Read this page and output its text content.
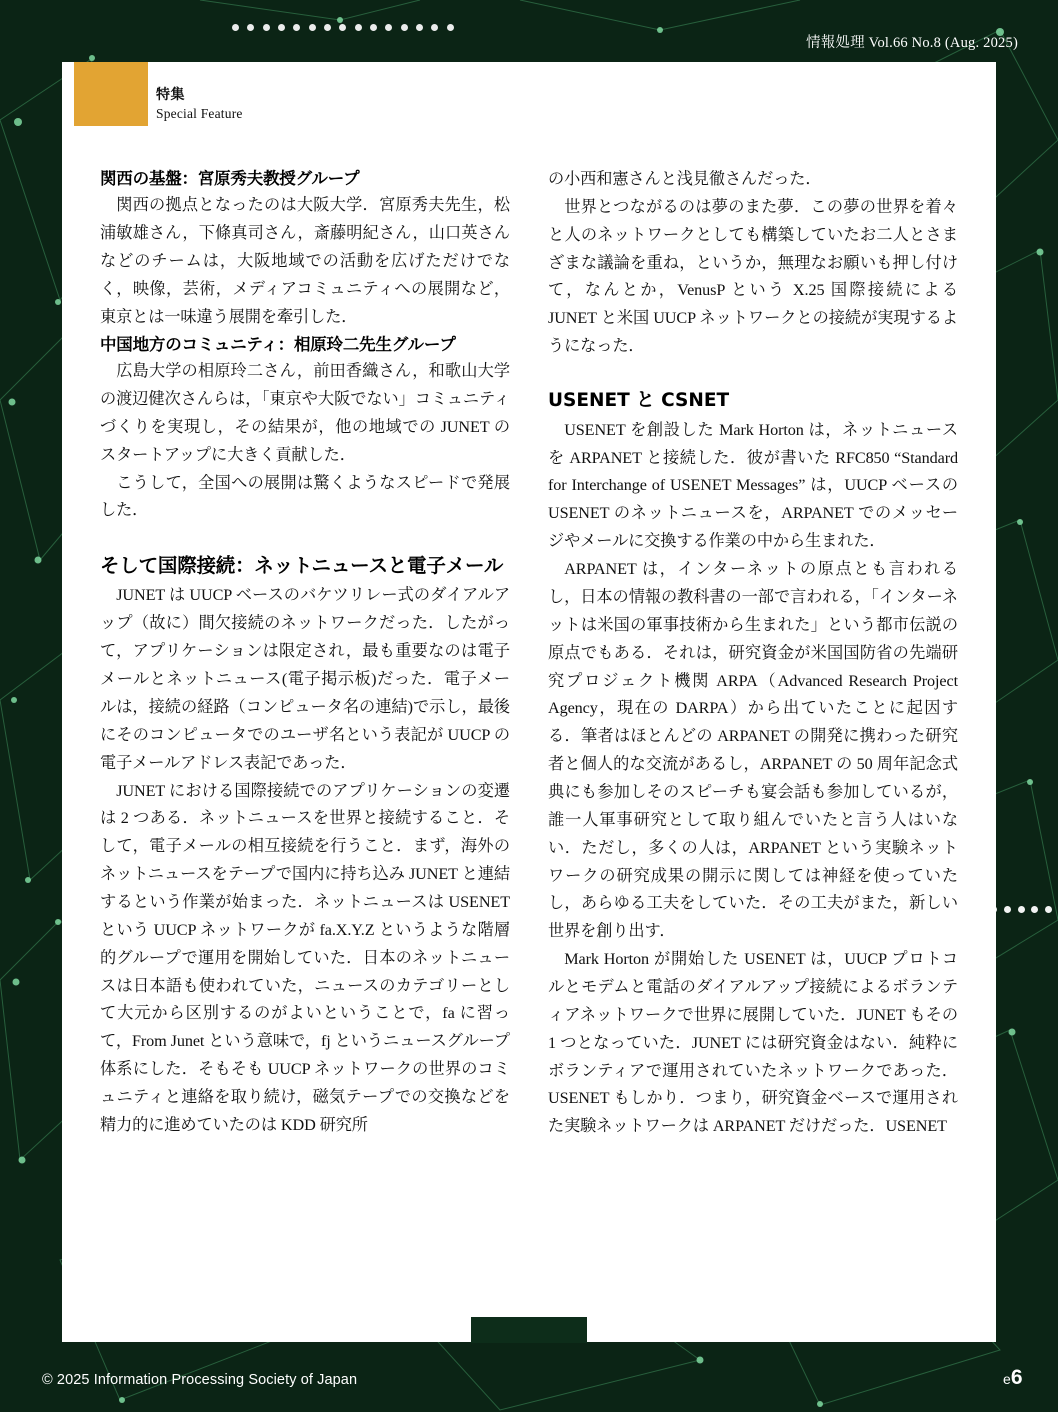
情報処理 Vol.66 No.8 (Aug. 2025)
特集
Special Feature
関西の基盤：宮原秀夫教授グループ

関西の拠点となったのは大阪大学．宮原秀夫先生，松浦敏雄さん，下條真司さん，斎藤明紀さん，山口英さんなどのチームは，大阪地域での活動を広げただけでなく，映像，芸術，メディアコミュニティへの展開など，東京とは一味違う展開を牽引した．

中国地方のコミュニティ：相原玲二先生グループ

広島大学の相原玲二さん，前田香織さん，和歌山大学の渡辺健次さんらは，「東京や大阪でない」コミュニティづくりを実現し，その結果が，他の地域での JUNET のスタートアップに大きく貢献した．

こうして，全国への展開は驚くようなスピードで発展した．

そして国際接続：ネットニュースと電子メール

JUNET は UUCP ベースのバケツリレー式のダイアルアップ（故に）間欠接続のネットワークだった．したがって，アプリケーションは限定され，最も重要なのは電子メールとネットニュース(電子掲示板)だった．電子メールは，接続の経路（コンピュータ名の連結)で示し，最後にそのコンピュータでのユーザ名という表記が UUCP の電子メールアドレス表記であった．

JUNET における国際接続でのアプリケーションの変遷は 2 つある．ネットニュースを世界と接続すること．そして，電子メールの相互接続を行うこと．まず，海外のネットニュースをテープで国内に持ち込み JUNET と連結するという作業が始まった．ネットニュースは USENET という UUCP ネットワークが fa.X.Y.Z というような階層的グループで運用を開始していた．日本のネットニュースは日本語も使われていた，ニュースのカテゴリーとして大元から区別するのがよいということで，fa に習って，From Junet という意味で，fj というニュースグループ体系にした．そもそも UUCP ネットワークの世界のコミュニティと連絡を取り続け，磁気テープでの交換などを精力的に進めていたのは KDD 研究所

の小西和憲さんと浅見徹さんだった．

世界とつながるのは夢のまた夢．この夢の世界を着々と人のネットワークとしても構築していたお二人とさまざまな議論を重ね，というか，無理なお願いも押し付けて，なんとか，VenusP という X.25 国際接続による JUNET と米国 UUCP ネットワークとの接続が実現するようになった．

USENET と CSNET

USENET を創設した Mark Horton は，ネットニュースを ARPANET と接続した．彼が書いた RFC850 “Standard for Interchange of USENET Messages” は，UUCP ベースの USENET のネットニュースを，ARPANET でのメッセージやメールに交換する作業の中から生まれた．

ARPANET は，インターネットの原点とも言われるし，日本の情報の教科書の一部で言われる，「インターネットは米国の軍事技術から生まれた」という都市伝説の原点でもある．それは，研究資金が米国国防省の先端研究プロジェクト機関 ARPA（Advanced Research Project Agency，現在の DARPA）から出ていたことに起因する．筆者はほとんどの ARPANET の開発に携わった研究者と個人的な交流があるし，ARPANET の 50 周年記念式典にも参加しそのスピーチも宴会話も参加しているが，誰一人軍事研究として取り組んでいたと言う人はいない．ただし，多くの人は，ARPANET という実験ネットワークの研究成果の開示に関しては神経を使っていたし，あらゆる工夫をしていた．その工夫がまた，新しい世界を創り出す．

Mark Horton が開始した USENET は，UUCP プロトコルとモデムと電話のダイアルアップ接続によるボランティアネットワークで世界に展開していた．JUNET もその 1 つとなっていた．JUNET には研究資金はない．純粋にボランティアで運用されていたネットワークであった．USENET もしかり．つまり，研究資金ベースで運用された実験ネットワークは ARPANET だけだった．USENET

© 2025 Information Processing Society of Japan	e6
